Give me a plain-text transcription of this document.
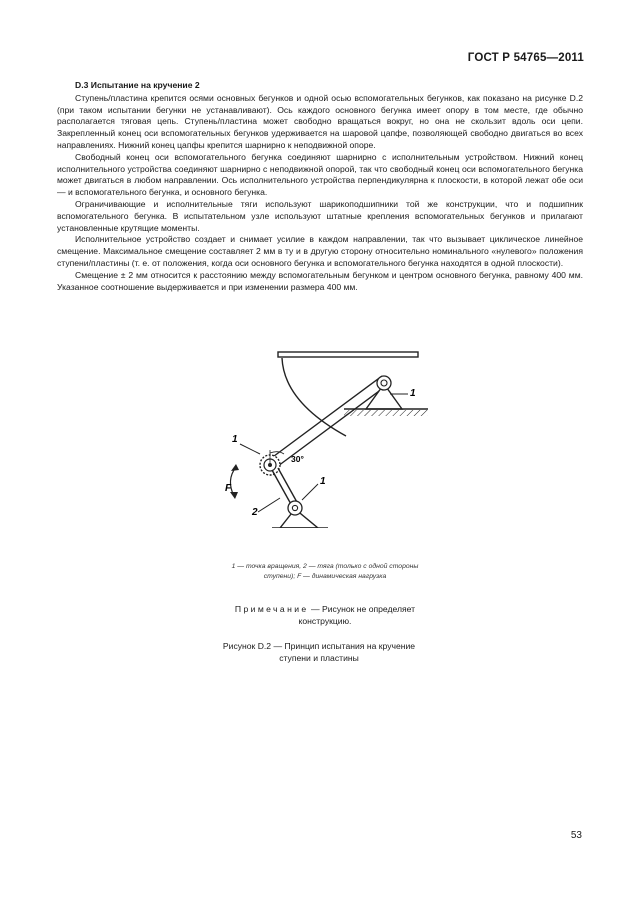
ГОСТ Р 54765—2011
D.3 Испытание на кручение 2

Ступень/пластина крепится осями основных бегунков и одной осью вспомогательных бегунков, как показано на рисунке D.2 (при таком испытании бегунки не устанавливают). Ось каждого основного бегунка имеет опору в том месте, где обычно располагается тяговая цепь. Ступень/пластина может свободно вращаться вокруг, но она не скользит вдоль оси цепи. Закрепленный конец оси вспомогательных бегунков удерживается на шаровой цапфе, позволяющей свободно двигаться во всех направлениях. Нижний конец цапфы крепится шарнирно к неподвижной опоре.

Свободный конец оси вспомогательного бегунка соединяют шарнирно с исполнительным устройством. Нижний конец исполнительного устройства соединяют шарнирно с неподвижной опорой, так что свободный конец оси вспомогательного бегунка может двигаться в любом направлении. Ось исполнительного устройства перпендикулярна к плоскости, в которой лежат обе оси — и вспомогательного бегунка, и основного бегунка.

Ограничивающие и исполнительные тяги используют шарикоподшипники той же конструкции, что и подшипник вспомогательного бегунка. В испытательном узле используют штатные крепления вспомогательных бегунков и прилагают установленные крутящие моменты.

Исполнительное устройство создает и снимает усилие в каждом направлении, так что вызывает циклическое линейное смещение. Максимальное смещение составляет 2 мм в ту и в другую сторону относительно номинального «нулевого» положения ступени/пластины (т. е. от положения, когда оси основного бегунка и вспомогательного бегунка находятся в одной плоскости).

Смещение ± 2 мм относится к расстоянию между вспомогательным бегунком и центром основного бегунка, равному 400 мм. Указанное соотношение выдерживается и при изменении размера 400 мм.

1
1
F
30°
2
1
1 — точка вращения, 2 — тяга (только с одной стороны ступени); F — динамическая нагрузка
Примечание — Рисунок не определяет конструкцию.
Рисунок D.2 — Принцип испытания на кручение ступени и пластины
53
